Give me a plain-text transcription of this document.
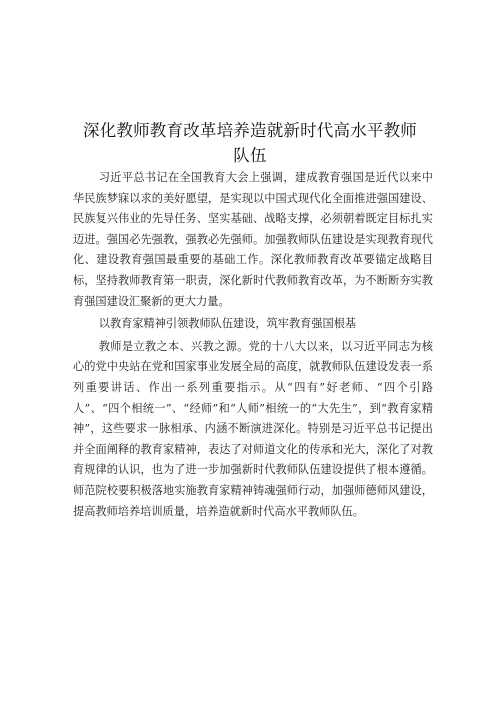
深化教师教育改革培养造就新时代高水平教师
队伍

习近平总书记在全国教育大会上强调，建成教育强国是近代以来中华民族梦寐以求的美好愿望，是实现以中国式现代化全面推进强国建设、民族复兴伟业的先导任务、坚实基础、战略支撑，必须朝着既定目标扎实迈进。强国必先强教，强教必先强师。加强教师队伍建设是实现教育现代化、建设教育强国最重要的基础工作。深化教师教育改革要锚定战略目标，坚持教师教育第一职责，深化新时代教师教育改革，为不断断夯实教育强国建设汇聚新的更大力量。

以教育家精神引领教师队伍建设，筑牢教育强国根基

教师是立教之本、兴教之源。党的十八大以来，以习近平同志为核心的党中央站在党和国家事业发展全局的高度，就教师队伍建设发表一系列重要讲话、作出一系列重要指示。从“四有”好老师、“四个引路人”、“四个相统一”、“经师”和“人师”相统一的“大先生”，到“教育家精神”，这些要求一脉相承、内涵不断演进深化。特别是习近平总书记提出并全面阐释的教育家精神，表达了对师道文化的传承和光大，深化了对教育规律的认识，也为了进一步加强新时代教师队伍建设提供了根本遵循。师范院校要积极落地实施教育家精神铸魂强师行动，加强师德师风建设，提高教师培养培训质量，培养造就新时代高水平教师队伍。
